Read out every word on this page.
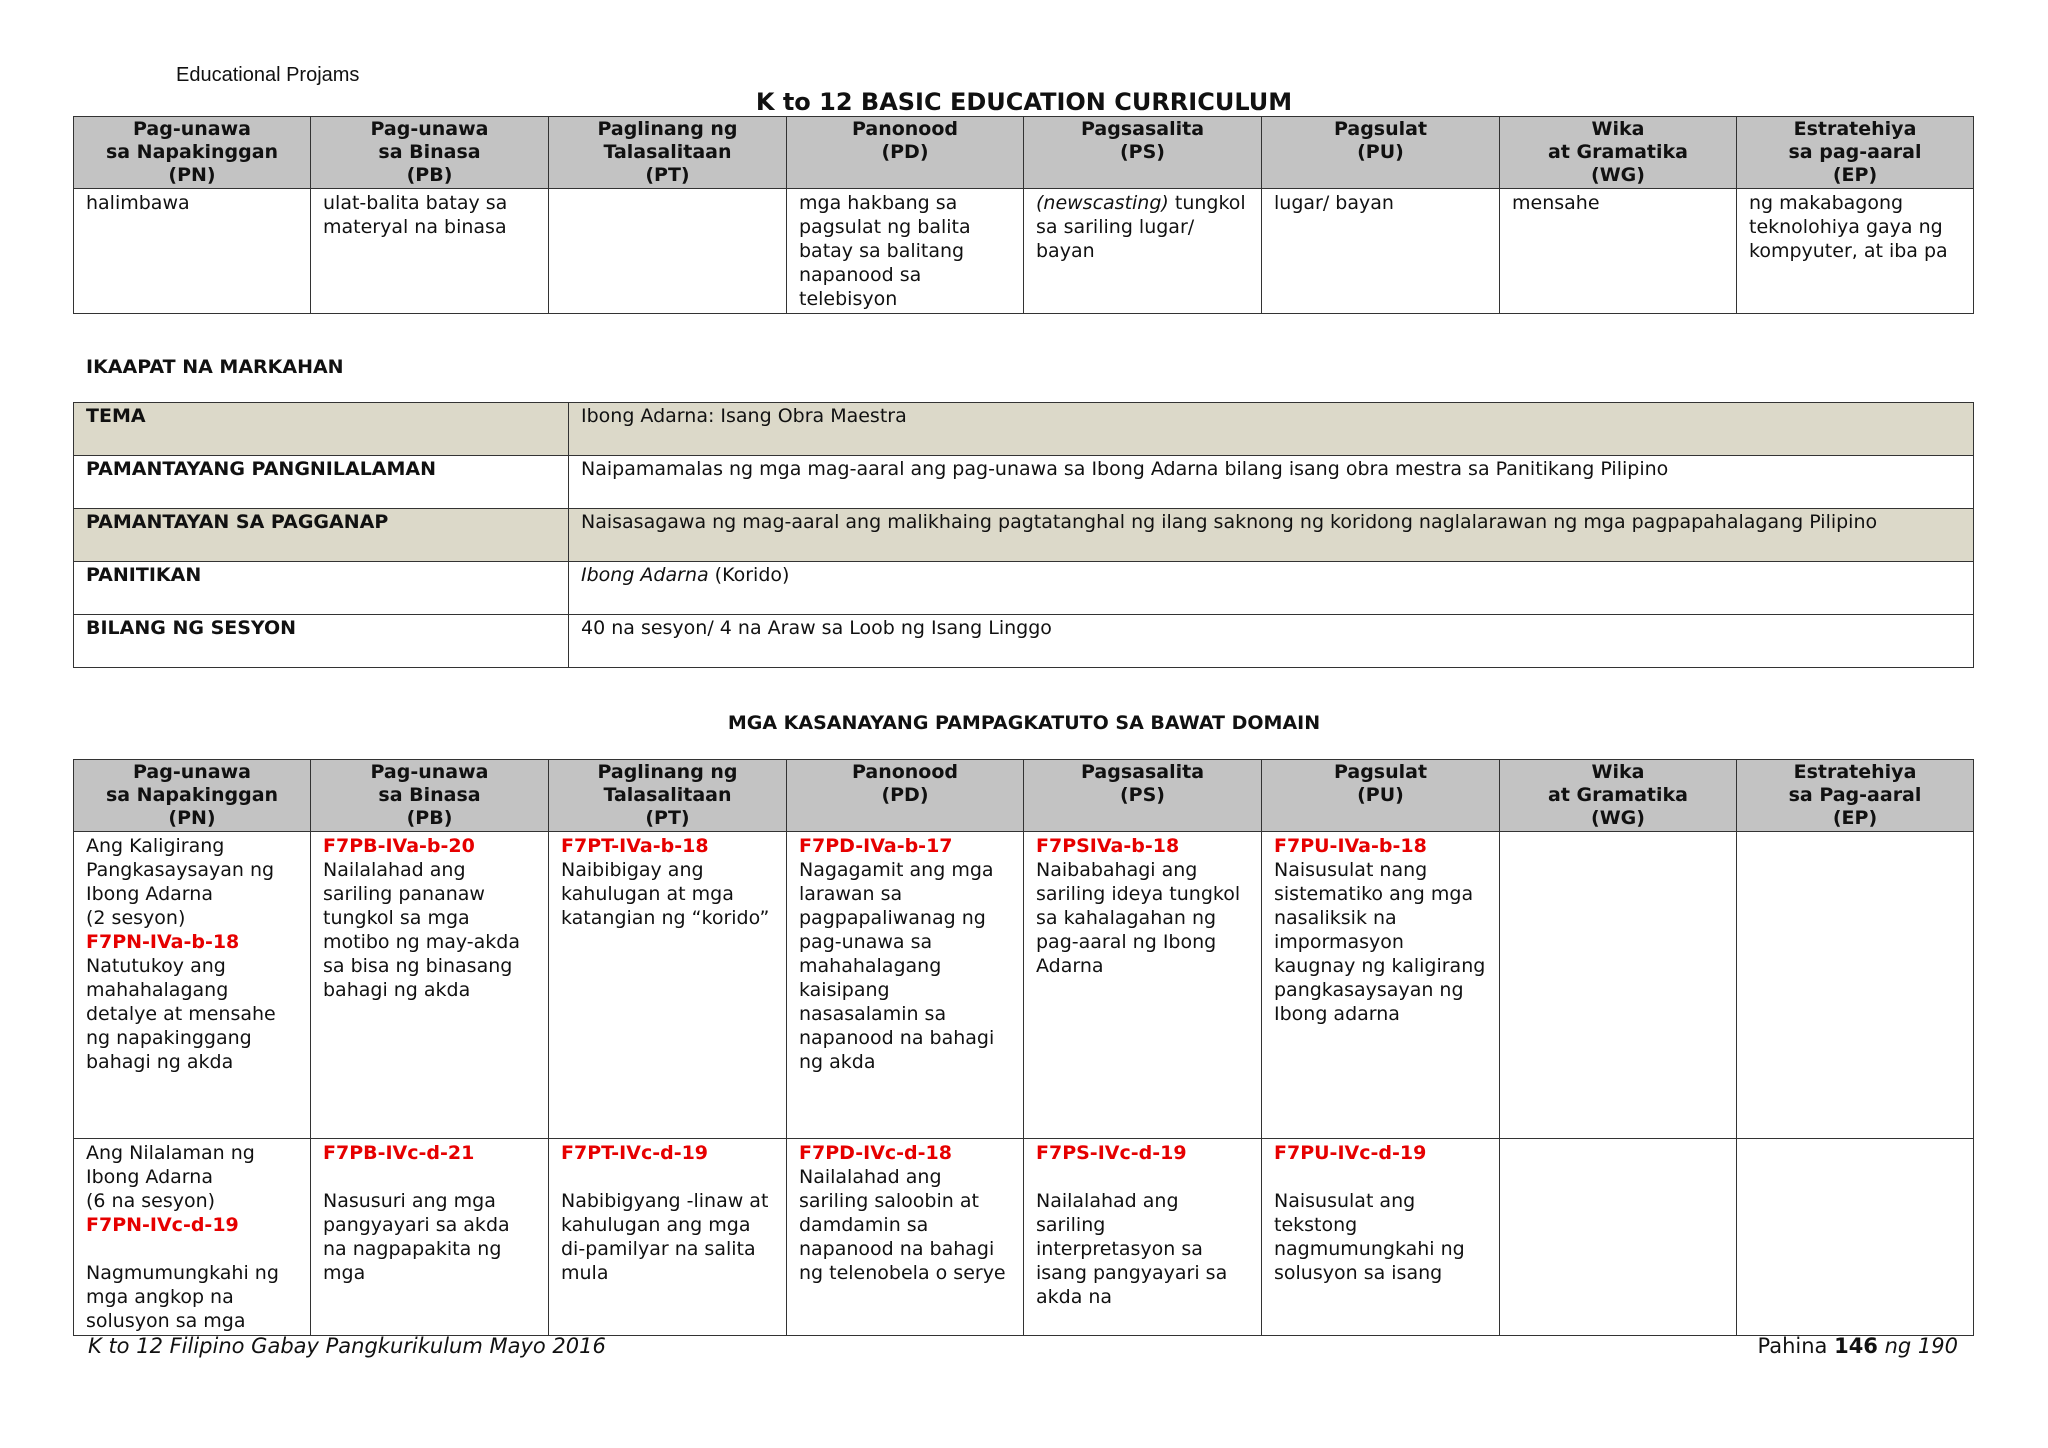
Educational Projams
K to 12 BASIC EDUCATION CURRICULUM
Pag-unawa
sa Napakinggan
(PN)	Pag-unawa
sa Binasa
(PB)	Paglinang ng
Talasalitaan
(PT)	Panonood
(PD)	Pagsasalita
(PS)	Pagsulat
(PU)	Wika
at Gramatika
(WG)	Estratehiya
sa pag-aaral
(EP)

halimbawa	ulat-balita batay sa materyal na binasa		mga hakbang sa pagsulat ng balita batay sa balitang napanood sa telebisyon	(newscasting) tungkol sa sariling lugar/ bayan	lugar/ bayan	mensahe	ng makabagong teknolohiya gaya ng kompyuter, at iba pa
IKAAPAT NA MARKAHAN
TEMA	Ibong Adarna: Isang Obra Maestra
PAMANTAYANG PANGNILALAMAN	Naipamamalas ng mga mag-aaral ang pag-unawa sa Ibong Adarna bilang isang obra mestra sa Panitikang Pilipino
PAMANTAYAN SA PAGGANAP	Naisasagawa ng mag-aaral ang malikhaing pagtatanghal ng ilang saknong ng koridong naglalarawan ng mga pagpapahalagang Pilipino
PANITIKAN	Ibong Adarna (Korido)
BILANG NG SESYON	40 na sesyon/ 4 na Araw sa Loob ng Isang Linggo
MGA KASANAYANG PAMPAGKATUTO SA BAWAT DOMAIN
Pag-unawa
sa Napakinggan
(PN)	Pag-unawa
sa Binasa
(PB)	Paglinang ng
Talasalitaan
(PT)	Panonood
(PD)	Pagsasalita
(PS)	Pagsulat
(PU)	Wika
at Gramatika
(WG)	Estratehiya
sa Pag-aaral
(EP)

Ang Kaligirang Pangkasaysayan ng Ibong Adarna
(2 sesyon)
F7PN-IVa-b-18
Natutukoy ang mahahalagang detalye at mensahe ng napakinggang bahagi ng akda	F7PB-IVa-b-20
Nailalahad ang sariling pananaw tungkol sa mga motibo ng may-akda sa bisa ng binasang bahagi ng akda	F7PT-IVa-b-18
Naibibigay ang kahulugan at mga katangian ng “korido”	F7PD-IVa-b-17
Nagagamit ang mga larawan sa pagpapaliwanag ng pag-unawa sa mahahalagang kaisipang nasasalamin sa napanood na bahagi ng akda	F7PSIVa-b-18
Naibabahagi ang sariling ideya tungkol sa kahalagahan ng pag-aaral ng Ibong Adarna	F7PU-IVa-b-18
Naisusulat nang sistematiko ang mga nasaliksik na impormasyon kaugnay ng kaligirang pangkasaysayan ng Ibong adarna		

Ang Nilalaman ng Ibong Adarna
(6 na sesyon)
F7PN-IVc-d-19
Nagmumungkahi ng mga angkop na solusyon sa mga	F7PB-IVc-d-21
Nasusuri ang mga pangyayari sa akda na nagpapakita ng mga	F7PT-IVc-d-19
Nabibigyang -linaw at kahulugan ang mga di-pamilyar na salita mula	F7PD-IVc-d-18
Nailalahad ang sariling saloobin at damdamin sa napanood na bahagi ng telenobela o serye	F7PS-IVc-d-19
Nailalahad ang sariling interpretasyon sa isang pangyayari sa akda na	F7PU-IVc-d-19
Naisusulat ang tekstong nagmumungkahi ng solusyon sa isang		

K to 12 Filipino Gabay Pangkurikulum Mayo 2016	Pahina 146 ng 190
